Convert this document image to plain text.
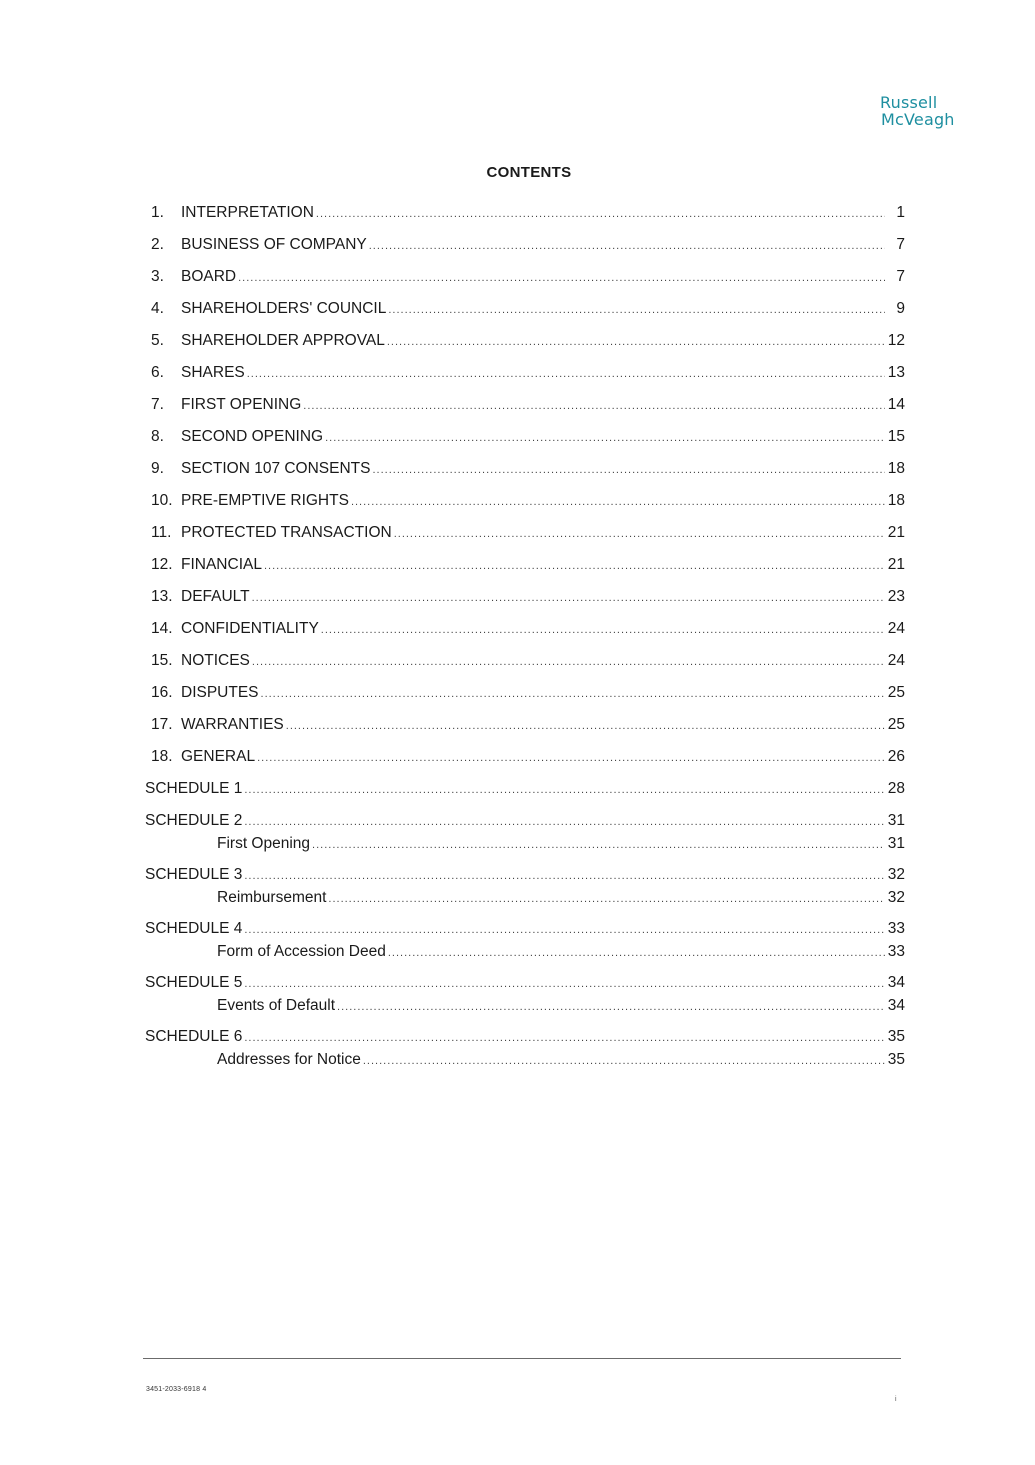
Russell
McVeagh
CONTENTS
1.	INTERPRETATION .....	1
2.	BUSINESS OF COMPANY .....	7
3.	BOARD .....	7
4.	SHAREHOLDERS' COUNCIL .....	9
5.	SHAREHOLDER APPROVAL .....	12
6.	SHARES .....	13
7.	FIRST OPENING .....	14
8.	SECOND OPENING .....	15
9.	SECTION 107 CONSENTS .....	18
10. PRE-EMPTIVE RIGHTS .....	18
11. PROTECTED TRANSACTION .....	21
12. FINANCIAL .....	21
13. DEFAULT .....	23
14. CONFIDENTIALITY .....	24
15. NOTICES .....	24
16. DISPUTES .....	25
17. WARRANTIES .....	25
18. GENERAL .....	26
SCHEDULE 1 .....	28
SCHEDULE 2 .....	31
First Opening .....	31
SCHEDULE 3 .....	32
Reimbursement .....	32
SCHEDULE 4 .....	33
Form of Accession Deed .....	33
SCHEDULE 5 .....	34
Events of Default .....	34
SCHEDULE 6 .....	35
Addresses for Notice .....	35
3451-2033-6918 4
i
